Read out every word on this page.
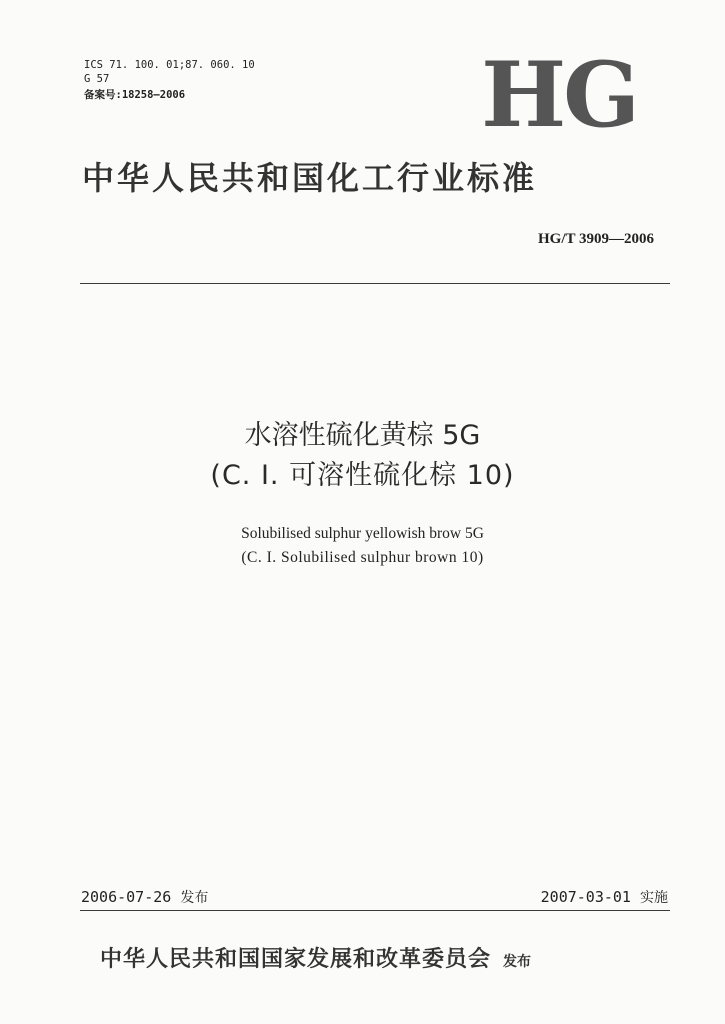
ICS 71. 100. 01;87. 060. 10
G 57
备案号:18258—2006	HG
中华人民共和国化工行业标准
HG/T 3909—2006
水溶性硫化黄棕 5G
(C. I. 可溶性硫化棕 10)
Solubilised sulphur yellowish brow 5G
(C. I. Solubilised sulphur brown 10)
2006-07-26 发布	2007-03-01 实施
中华人民共和国国家发展和改革委员会 发布
